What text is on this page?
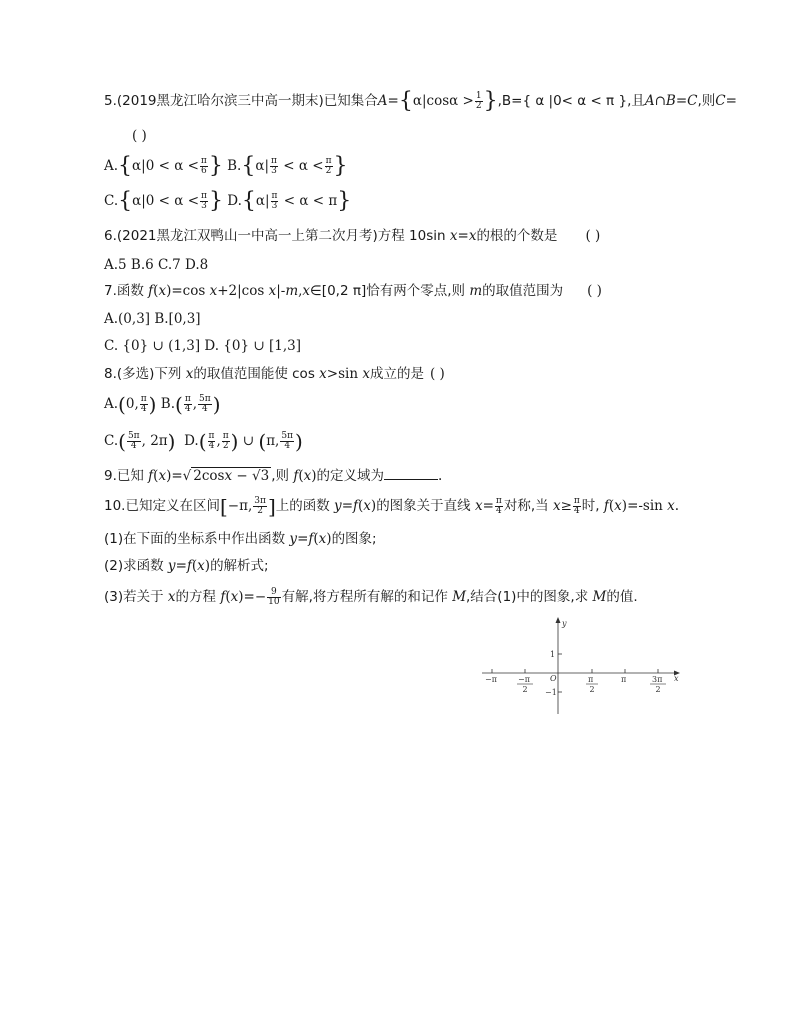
5.(2019黑龙江哈尔滨三中高一期末)已知集合$A=\{\alpha|\cos\alpha > \frac{1}{2} \},B=${ α |0< α < π },且A∩B=C,则C=
( )
$A.\{\alpha|0 < \alpha < \frac{\pi}{6}$ } $B.\{\alpha| \frac{\pi}{3} < \alpha < \frac{\pi}{2}$ }
$C.\{\alpha|0 < \alpha < \frac{\pi}{3}$ } $D.\{\alpha| \frac{\pi}{3} < \alpha < \pi\}$
6.(2021黑龙江双鸭山一中高一上第二次月考)方程 10sin x=x的根的个数是 ( )
A.5 B.6 C.7 D.8
7.函数 f(x)=cos x+2|cos x|-m,x∈[0,2 π]恰有两个零点,则 m的取值范围为 ( )
A.(0,3] B.[0,3]
C. {0} ∪ (1,3] D. {0} ∪ [1,3]
8.(多选)下列 x的取值范围能使 cos x>sin x成立的是 ( )
A.(0, $\frac{\pi}{4}$ ) $B.( \frac{\pi}{4}$ , $\frac{5\pi}{4}$ )
$C.( \frac{5\pi}{4}$ , 2π) $D.( \frac{\pi}{4}$ , $\frac{\pi}{2}$ ) ∪ (π, $\frac{5\pi}{4}$ )
9.已知 f(x)=√ 2cosx − √3 ,则 f(x)的定义域为	.
10.已知定义在区间[−π, $\frac{3\pi}{2}$ ]上的函数 y=f(x)的图象关于直线 $x= \frac{\pi}{4}$ 对称,当 $x\ge \frac{\pi}{4}$ 时, f(x)=-sin x.
(1)在下面的坐标系中作出函数 y=f(x)的图象;
(2)求函数 y=f(x)的解析式;
(3)若关于 x的方程 $f(x)=- \frac{9}{10}$ 有解,将方程所有解的和记作 M,结合(1)中的图象,求 M的值.
y
x
1
−1
O
−π	−π
2
π
2
π	3π
2
